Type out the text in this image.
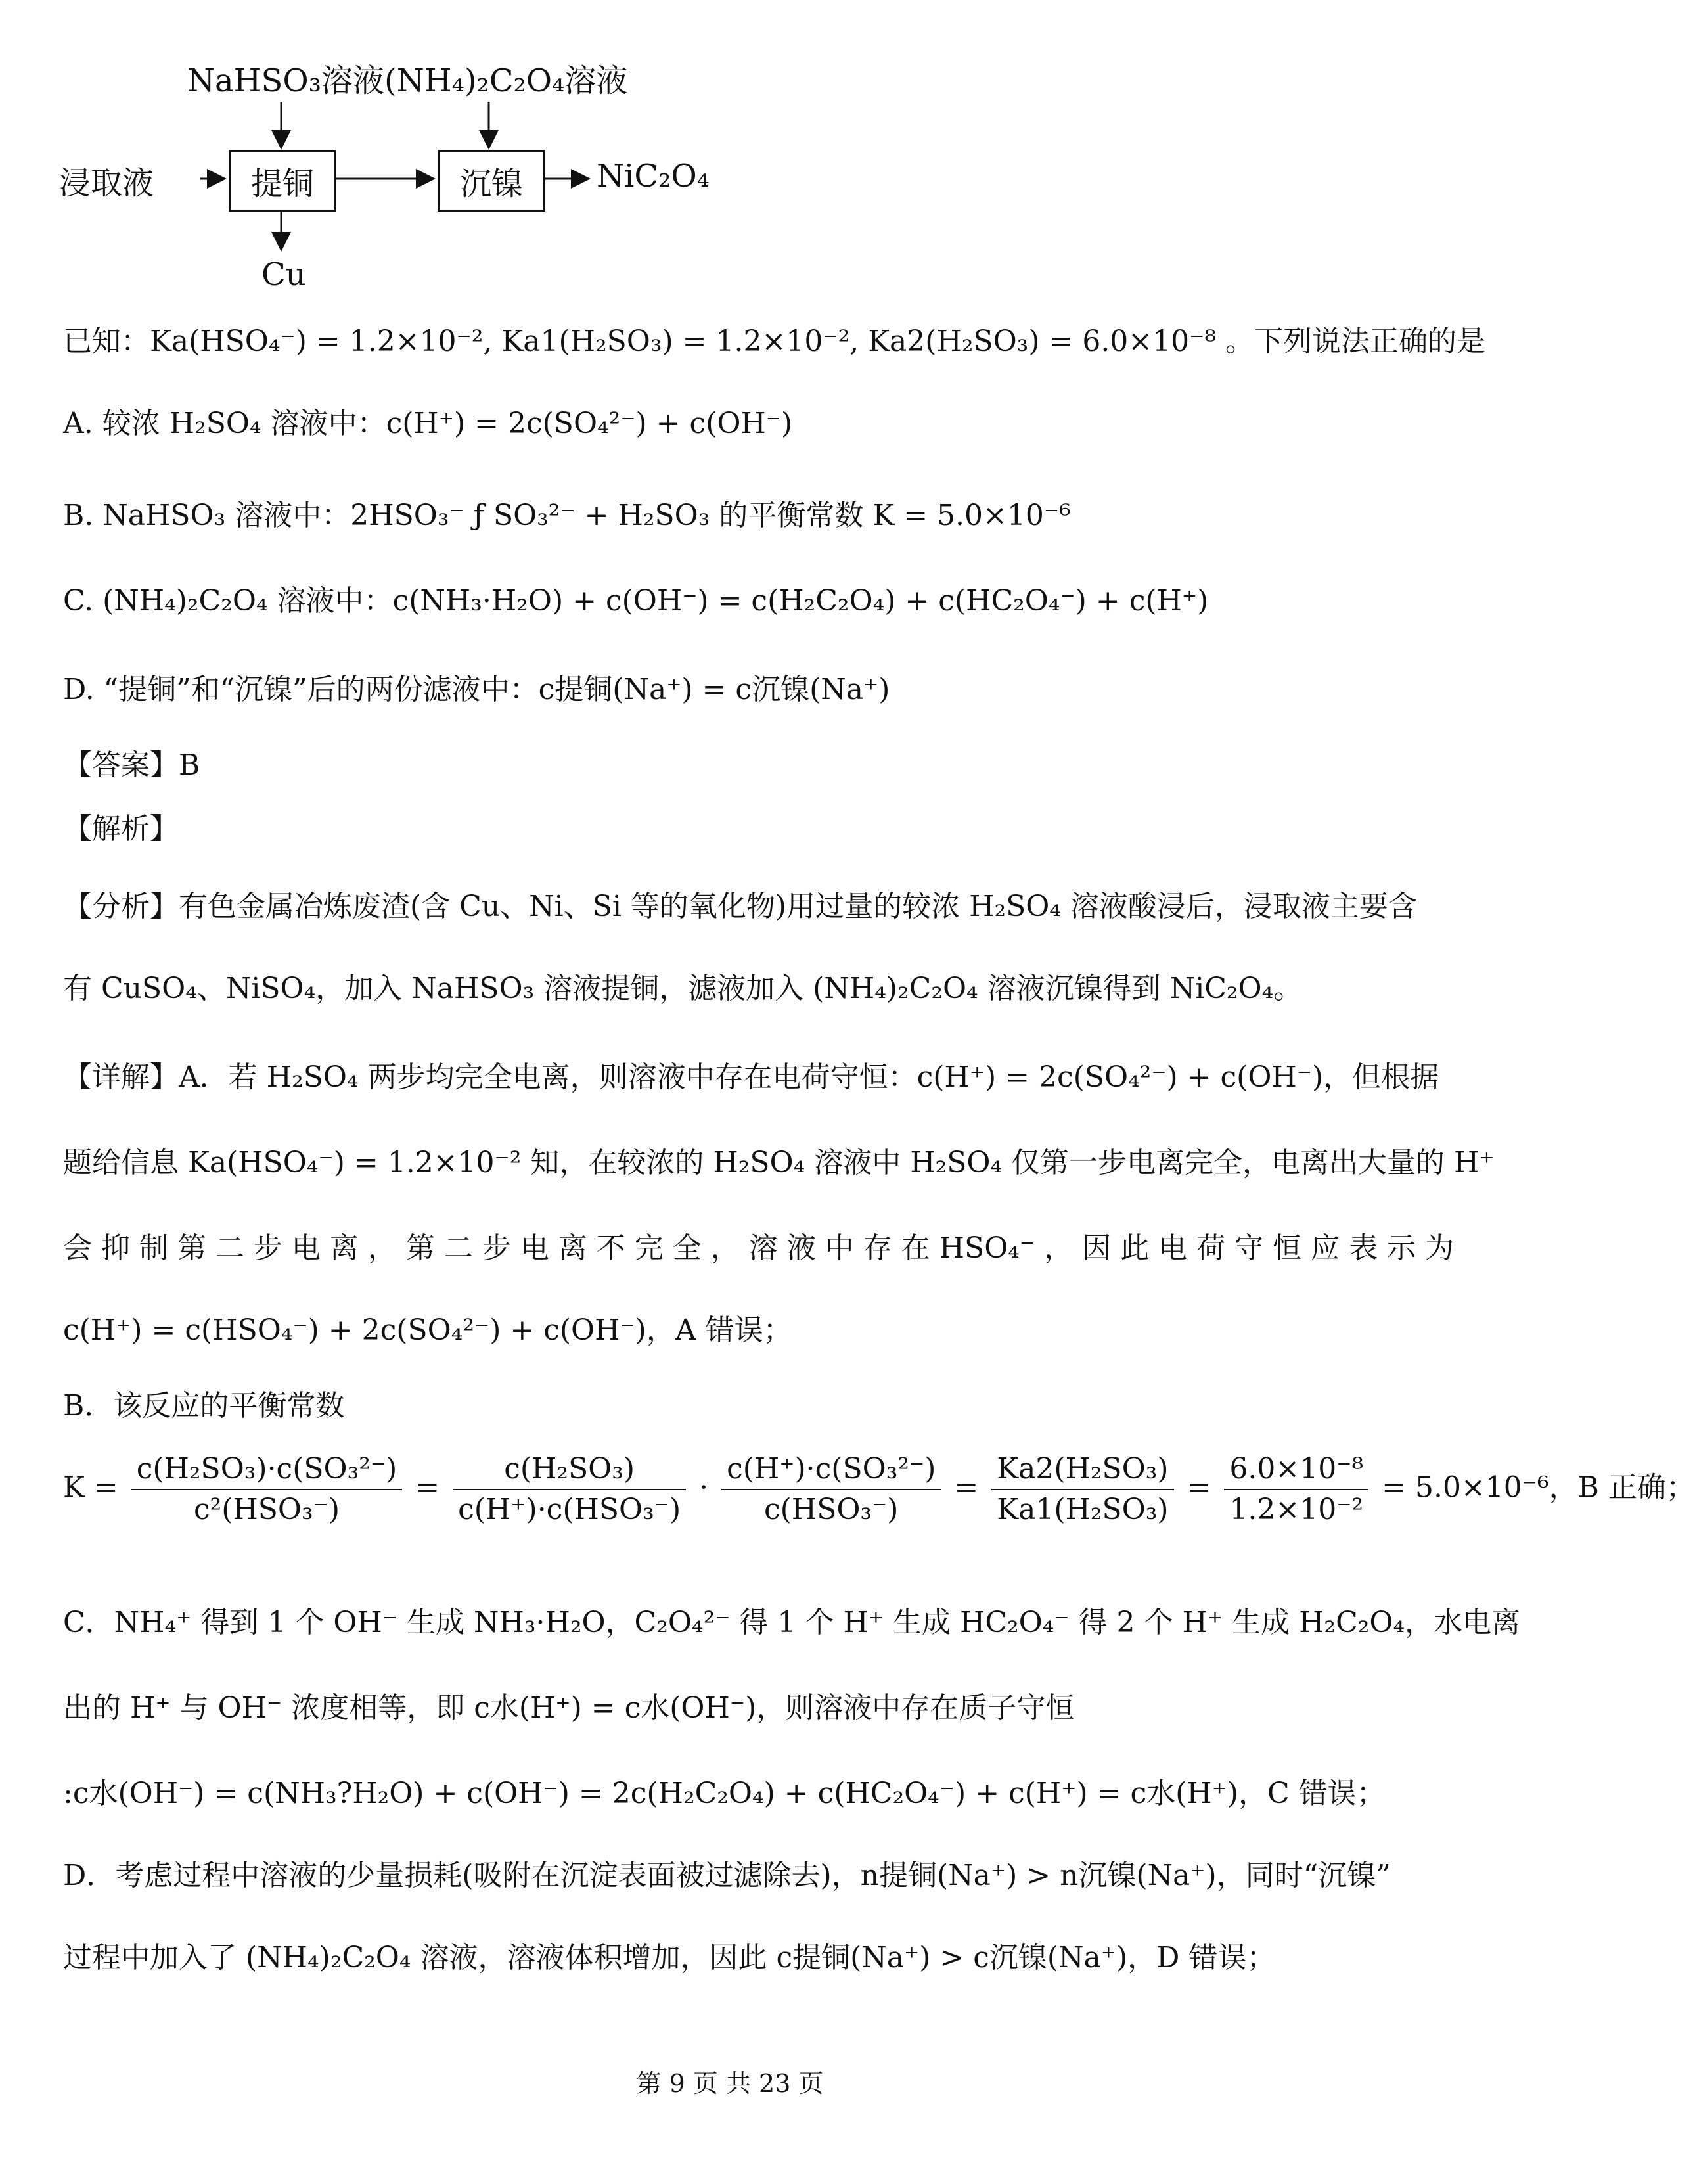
NaHSO₃溶液 (NH₄)₂C₂O₄溶液
浸取液	提铜	沉镍	NiC₂O₄
Cu
已知：Ka(HSO₄⁻) = 1.2×10⁻², Ka1(H₂SO₃) = 1.2×10⁻², Ka2(H₂SO₃) = 6.0×10⁻⁸ 。下列说法正确的是
A. 较浓 H₂SO₄ 溶液中：c(H⁺) = 2c(SO₄²⁻) + c(OH⁻)
B. NaHSO₃ 溶液中：2HSO₃⁻ ƒ SO₃²⁻ + H₂SO₃ 的平衡常数 K = 5.0×10⁻⁶
C. (NH₄)₂C₂O₄ 溶液中：c(NH₃·H₂O) + c(OH⁻) = c(H₂C₂O₄) + c(HC₂O₄⁻) + c(H⁺)
D. “提铜”和“沉镍”后的两份滤液中：c提铜(Na⁺) = c沉镍(Na⁺)
【答案】B
【解析】
【分析】有色金属冶炼废渣(含 Cu、Ni、Si 等的氧化物)用过量的较浓 H₂SO₄ 溶液酸浸后，浸取液主要含
有 CuSO₄、NiSO₄，加入 NaHSO₃ 溶液提铜，滤液加入 (NH₄)₂C₂O₄ 溶液沉镍得到 NiC₂O₄。
【详解】A．若 H₂SO₄ 两步均完全电离，则溶液中存在电荷守恒：c(H⁺) = 2c(SO₄²⁻) + c(OH⁻)，但根据
题给信息 Ka(HSO₄⁻) = 1.2×10⁻² 知，在较浓的 H₂SO₄ 溶液中 H₂SO₄ 仅第一步电离完全，电离出大量的 H⁺
会 抑 制 第 二 步 电 离 ， 第 二 步 电 离 不 完 全 ， 溶 液 中 存 在 HSO₄⁻ ， 因 此 电 荷 守 恒 应 表 示 为
c(H⁺) = c(HSO₄⁻) + 2c(SO₄²⁻) + c(OH⁻)，A 错误；
B．该反应的平衡常数
$K = \frac{\text{c(H₂SO₃)·c(SO₃²⁻)}}{\text{c²(HSO₃⁻)}} = \frac{\text{c(H₂SO₃)}}{\text{c(H⁺)·c(HSO₃⁻)}} \cdot \frac{\text{c(H⁺)·c(SO₃²⁻)}}{\text{c(HSO₃⁻)}} = \frac{\text{Ka2(H₂SO₃)}}{\text{Ka1(H₂SO₃)}} = \frac{\text{6.0×10⁻⁸}}{\text{1.2×10⁻²}} = 5.0\times 10^{-6}$，B 正确；
C．NH₄⁺ 得到 1 个 OH⁻ 生成 NH₃·H₂O，C₂O₄²⁻ 得 1 个 H⁺ 生成 HC₂O₄⁻ 得 2 个 H⁺ 生成 H₂C₂O₄，水电离
出的 H⁺ 与 OH⁻ 浓度相等，即 c水(H⁺) = c水(OH⁻)，则溶液中存在质子守恒
:c水(OH⁻) = c(NH₃?H₂O) + c(OH⁻) = 2c(H₂C₂O₄) + c(HC₂O₄⁻) + c(H⁺) = c水(H⁺)，C 错误；
D．考虑过程中溶液的少量损耗(吸附在沉淀表面被过滤除去)，n提铜(Na⁺) > n沉镍(Na⁺)，同时“沉镍”
过程中加入了 (NH₄)₂C₂O₄ 溶液，溶液体积增加，因此 c提铜(Na⁺) > c沉镍(Na⁺)，D 错误；
第 9 页 共 23 页
